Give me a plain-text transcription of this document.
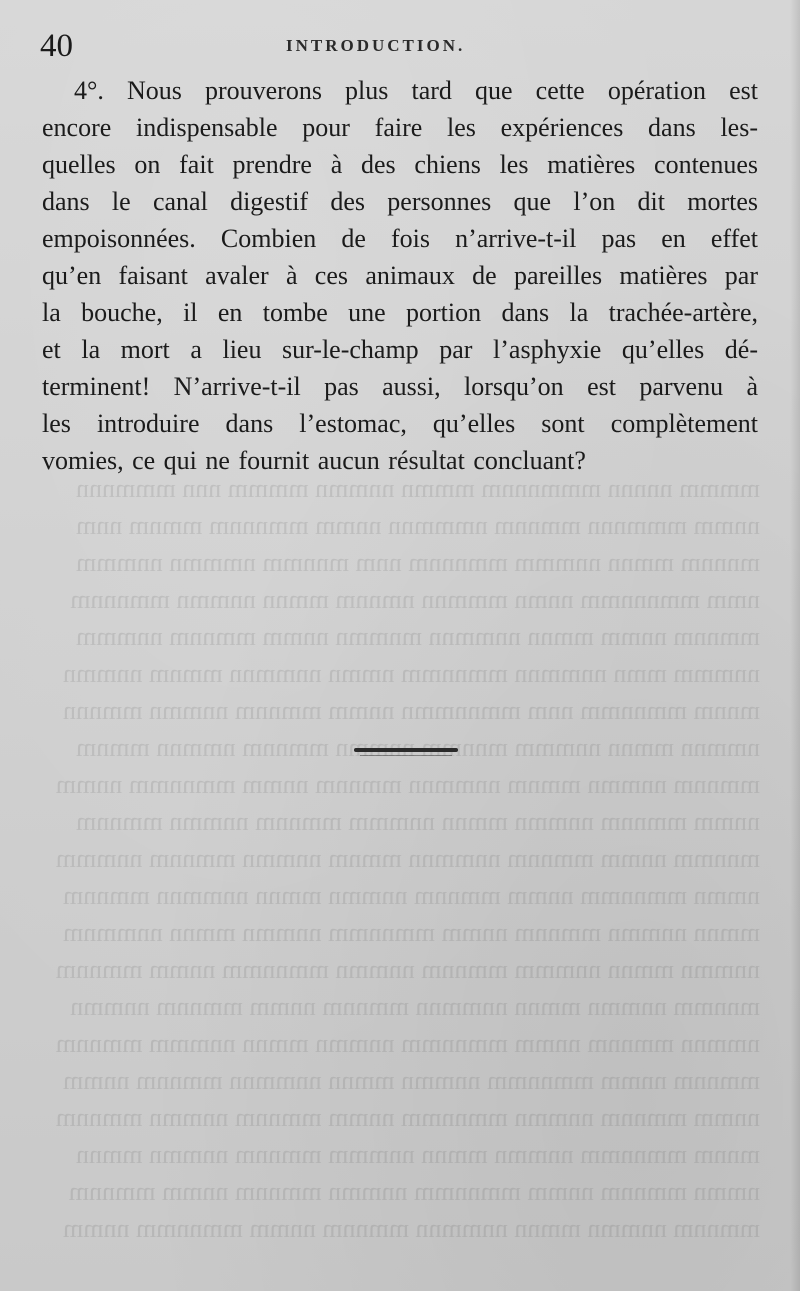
40	INTRODUCTION.
4°. Nous prouverons plus tard que cette opération est
encore indispensable pour faire les expériences dans les-
quelles on fait prendre à des chiens les matières contenues
dans le canal digestif des personnes que l’on dit mortes
empoisonnées. Combien de fois n’arrive-t-il pas en effet
qu’en faisant avaler à ces animaux de pareilles matières par
la bouche, il en tombe une portion dans la trachée-artère,
et la mort a lieu sur-le-champ par l’asphyxie qu’elles dé-
terminent! N’arrive-t-il pas aussi, lorsqu’on est parvenu à
les introduire dans l’estomac, qu’elles sont complètement
vomies, ce qui ne fournit aucun résultat concluant?
mmmm nnnnn mmmnnnm mmmn nnmmn mmmm nnn mmmnnn
nnmm mmmnnn mmnnm nmmmnn nnmm mmnnnm mmnm nnm
mnnnm mmnn nnmmm mmnnnm nnm mnnmm nmmmn nnmmm
nmm mmnnnmm nnmn mmmnn nmnnm mmnn nnmmn mmnnnm
mmnnm nnmm mmnn nnmmnn mnmmn nnmm mmnnm nnmmm
nnmmm mmn nnmmnn mmnnmm nmmn nnmmnn mmnm nnmmn
mnnm mmnnmm nnm mmnnmmn nnmm mmnnm nnmmn mmnnn
nmmnn mmnn nnmmm mnnmm mmnnm nmmnn mmnm
mmnnm nnmmn mmnm nnmmnn mmnnm nnmm mmnnmm nnmm
nnmm mmnnm nnmmn mmnn nnmmm mmnnm nnmmn mmnnm
mnnmm nnmm mmnnm nnmmnn mmnm nnmmn mmnnm nnmmm
nmmn mmnnmm nnmm mmnnm nnmmn mmnn nnmmnn mmnnm
mmnn nnmmn mmnnm nnmm mmnnmm nnmmn mmnn nnmmnm
nnmmn mmnn nnmmm mmnnm nnmmn mmnnmm nnmm mmnnm
mnnmm nnmmn mmnn nnmmnn mmnnm nnmm mmnnm nnmmn
nmmnn mmnnm nnmm mmnnmm nnmmn mmnn nnmmm mmnnm
mmnnm nnmm mmnnmm nnmmn mmnn nnmmnn mmnnm nnmm
nnmm mmnnm nnmmn mmnnmm nnmm mmnnm nnmmn mmnnm
mnnm mmnnmm nnmmn mmnn nnmmm mmnnm nnmmn mmnn
nmmn mmnnm nnmm mmnnmm nnmmn mmnnm nnmm mmnnm
mmnnm nnmmn mmnn nnmmnn mmnnm nnmm mmnnmm nnmm
